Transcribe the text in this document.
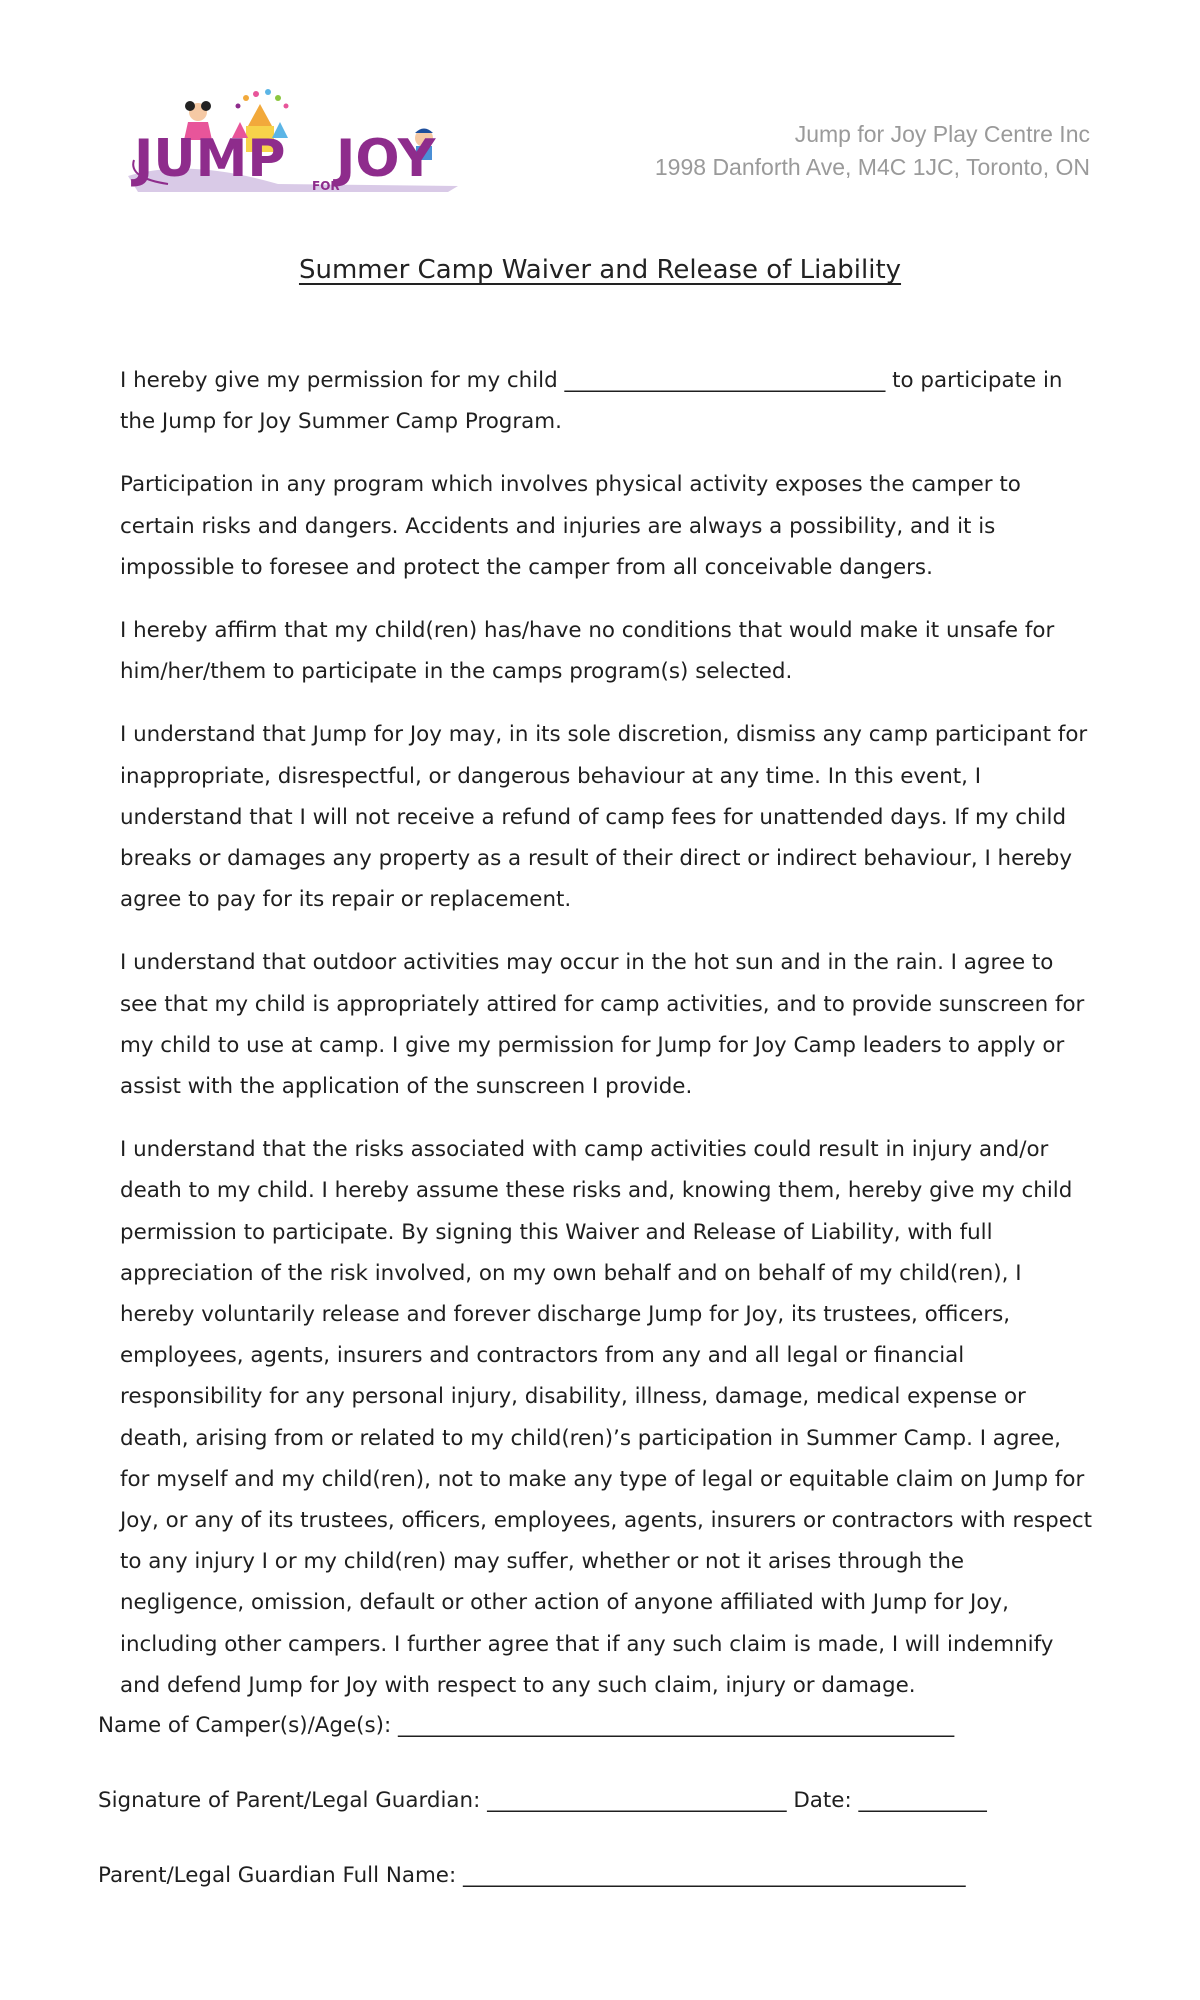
JUMP FOR
JOY	Jump for Joy Play Centre Inc
1998 Danforth Ave, M4C 1JC, Toronto, ON
Summer Camp Waiver and Release of Liability

I hereby give my permission for my child ______________________________ to participate in the Jump for Joy Summer Camp Program.

Participation in any program which involves physical activity exposes the camper to certain risks and dangers. Accidents and injuries are always a possibility, and it is impossible to foresee and protect the camper from all conceivable dangers.

I hereby affirm that my child(ren) has/have no conditions that would make it unsafe for him/her/them to participate in the camps program(s) selected.

I understand that Jump for Joy may, in its sole discretion, dismiss any camp participant for inappropriate, disrespectful, or dangerous behaviour at any time. In this event, I understand that I will not receive a refund of camp fees for unattended days. If my child breaks or damages any property as a result of their direct or indirect behaviour, I hereby agree to pay for its repair or replacement.

I understand that outdoor activities may occur in the hot sun and in the rain. I agree to see that my child is appropriately attired for camp activities, and to provide sunscreen for my child to use at camp. I give my permission for Jump for Joy Camp leaders to apply or assist with the application of the sunscreen I provide.

I understand that the risks associated with camp activities could result in injury and/or death to my child. I hereby assume these risks and, knowing them, hereby give my child permission to participate. By signing this Waiver and Release of Liability, with full appreciation of the risk involved, on my own behalf and on behalf of my child(ren), I hereby voluntarily release and forever discharge Jump for Joy, its trustees, officers, employees, agents, insurers and contractors from any and all legal or financial responsibility for any personal injury, disability, illness, damage, medical expense or death, arising from or related to my child(ren)’s participation in Summer Camp. I agree, for myself and my child(ren), not to make any type of legal or equitable claim on Jump for Joy, or any of its trustees, officers, employees, agents, insurers or contractors with respect to any injury I or my child(ren) may suffer, whether or not it arises through the negligence, omission, default or other action of anyone affiliated with Jump for Joy, including other campers. I further agree that if any such claim is made, I will indemnify and defend Jump for Joy with respect to any such claim, injury or damage.

Name of Camper(s)/Age(s): ____________________________________________________
Signature of Parent/Legal Guardian: ____________________________ Date: ____________
Parent/Legal Guardian Full Name: _______________________________________________
